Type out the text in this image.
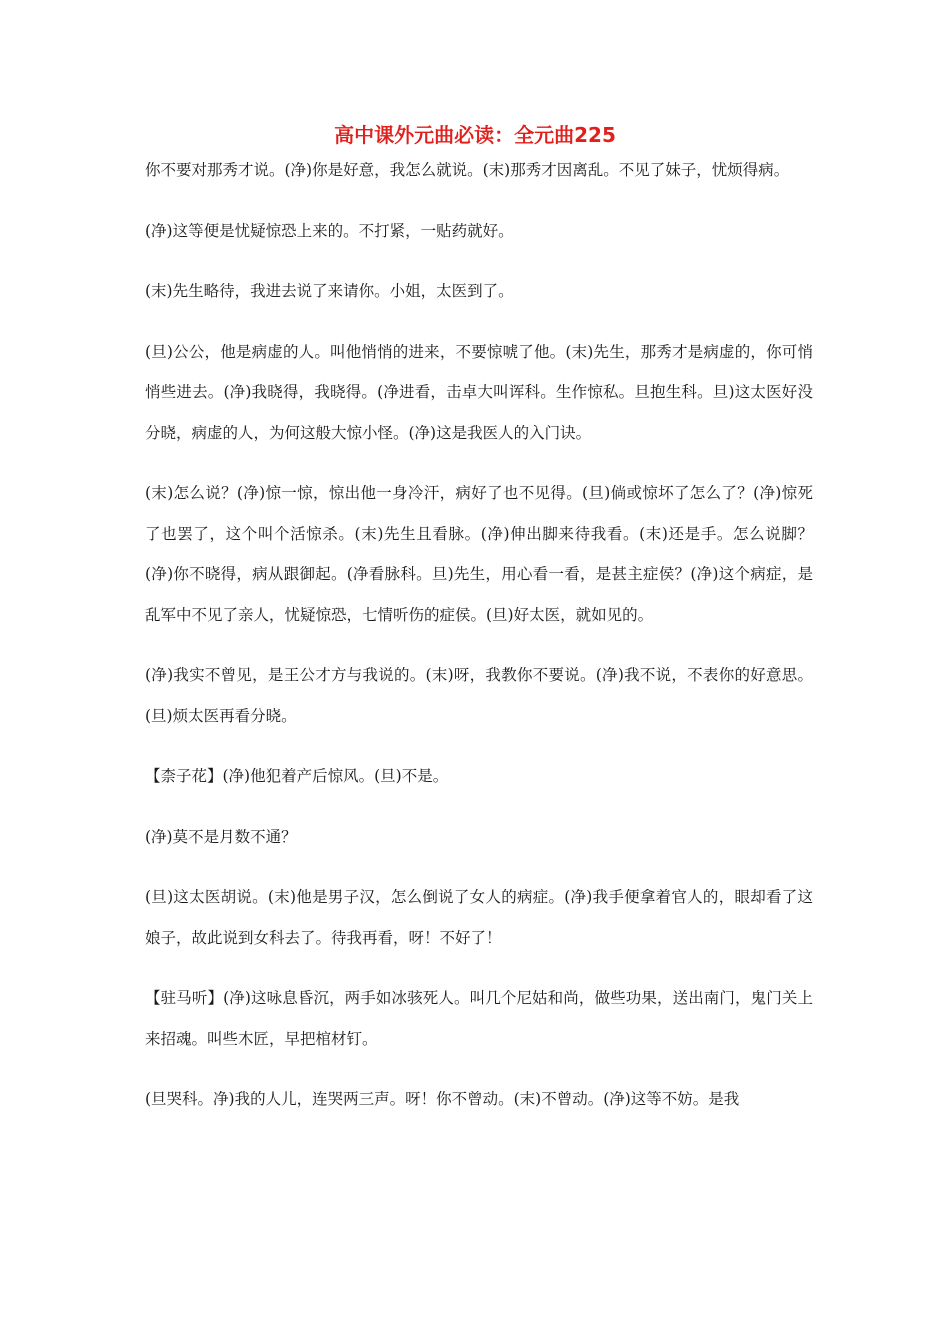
高中课外元曲必读：全元曲225

你不要对那秀才说。(净)你是好意，我怎么就说。(末)那秀才因离乱。不见了妹子，忧烦得病。

(净)这等便是忧疑惊恐上来的。不打紧，一贴药就好。

(末)先生略待，我进去说了来请你。小姐，太医到了。

(旦)公公，他是病虚的人。叫他悄悄的进来，不要惊唬了他。(末)先生，那秀才是病虚的，你可悄悄些进去。(净)我晓得，我晓得。(净进看，击卓大叫诨科。生作惊私。旦抱生科。旦)这太医好没分晓，病虚的人，为何这般大惊小怪。(净)这是我医人的入门诀。

(末)怎么说？(净)惊一惊，惊出他一身冷汗，病好了也不见得。(旦)倘或惊坏了怎么了？(净)惊死了也罢了，这个叫个活惊杀。(末)先生且看脉。(净)伸出脚来待我看。(末)还是手。怎么说脚？(净)你不晓得，病从跟御起。(净看脉科。旦)先生，用心看一看，是甚主症侯？(净)这个病症，是乱军中不见了亲人，忧疑惊恐，七情听伤的症侯。(旦)好太医，就如见的。

(净)我实不曾见，是王公才方与我说的。(末)呀，我教你不要说。(净)我不说，不表你的好意思。(旦)烦太医再看分晓。

【柰子花】(净)他犯着产后惊风。(旦)不是。

(净)莫不是月数不通？

(旦)这太医胡说。(末)他是男子汉，怎么倒说了女人的病症。(净)我手便拿着官人的，眼却看了这娘子，故此说到女科去了。待我再看，呀！不好了！

【驻马听】(净)这咏息昏沉，两手如冰骇死人。叫几个尼姑和尚，做些功果，送出南门，鬼门关上来招魂。叫些木匠，早把棺材钉。

(旦哭科。净)我的人儿，连哭两三声。呀！你不曾动。(末)不曾动。(净)这等不妨。是我
